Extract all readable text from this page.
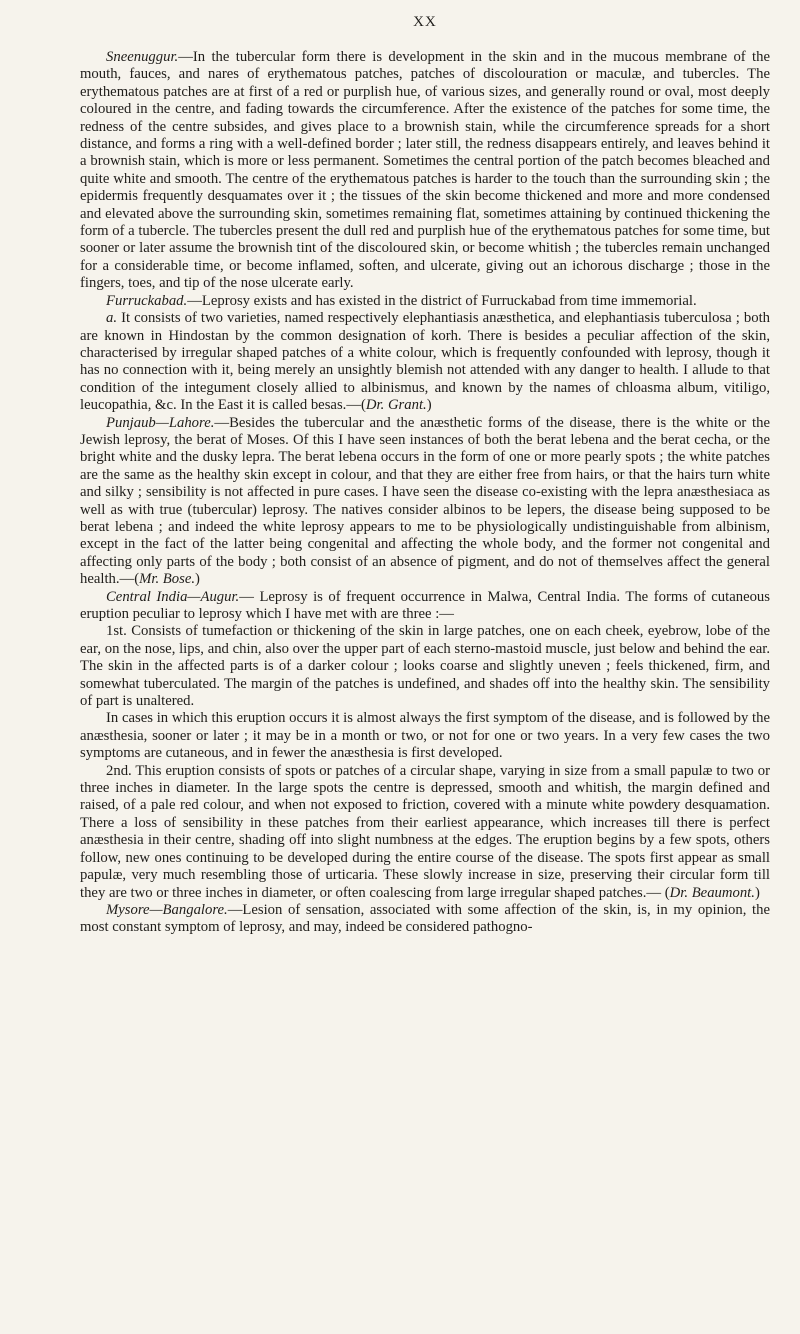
XX

Sneenuggur.—In the tubercular form there is development in the skin and in the mucous membrane of the mouth, fauces, and nares of erythematous patches, patches of discolouration or maculæ, and tubercles. The erythematous patches are at first of a red or purplish hue, of various sizes, and generally round or oval, most deeply coloured in the centre, and fading towards the circumference. After the existence of the patches for some time, the redness of the centre subsides, and gives place to a brownish stain, while the circumference spreads for a short distance, and forms a ring with a well-defined border ; later still, the redness disappears entirely, and leaves behind it a brownish stain, which is more or less permanent. Sometimes the central portion of the patch becomes bleached and quite white and smooth. The centre of the erythematous patches is harder to the touch than the surrounding skin ; the epidermis frequently desquamates over it ; the tissues of the skin become thickened and more and more condensed and elevated above the surrounding skin, sometimes remaining flat, sometimes attaining by continued thickening the form of a tubercle. The tubercles present the dull red and purplish hue of the erythematous patches for some time, but sooner or later assume the brownish tint of the discoloured skin, or become whitish ; the tubercles remain unchanged for a considerable time, or become inflamed, soften, and ulcerate, giving out an ichorous discharge ; those in the fingers, toes, and tip of the nose ulcerate early.

Furruckabad.—Leprosy exists and has existed in the district of Furruckabad from time immemorial.

a. It consists of two varieties, named respectively elephantiasis anæsthetica, and elephantiasis tuberculosa ; both are known in Hindostan by the common designation of korh. There is besides a peculiar affection of the skin, characterised by irregular shaped patches of a white colour, which is frequently confounded with leprosy, though it has no connection with it, being merely an unsightly blemish not attended with any danger to health. I allude to that condition of the integument closely allied to albinismus, and known by the names of chloasma album, vitiligo, leucopathia, &c. In the East it is called besas.—(Dr. Grant.)

Punjaub—Lahore.—Besides the tubercular and the anæsthetic forms of the disease, there is the white or the Jewish leprosy, the berat of Moses. Of this I have seen instances of both the berat lebena and the berat cecha, or the bright white and the dusky lepra. The berat lebena occurs in the form of one or more pearly spots ; the white patches are the same as the healthy skin except in colour, and that they are either free from hairs, or that the hairs turn white and silky ; sensibility is not affected in pure cases. I have seen the disease co-existing with the lepra anæsthesiaca as well as with true (tubercular) leprosy. The natives consider albinos to be lepers, the disease being supposed to be berat lebena ; and indeed the white leprosy appears to me to be physiologically undistinguishable from albinism, except in the fact of the latter being congenital and affecting the whole body, and the former not congenital and affecting only parts of the body ; both consist of an absence of pigment, and do not of themselves affect the general health.—(Mr. Bose.)

Central India—Augur.— Leprosy is of frequent occurrence in Malwa, Central India. The forms of cutaneous eruption peculiar to leprosy which I have met with are three :—

1st. Consists of tumefaction or thickening of the skin in large patches, one on each cheek, eyebrow, lobe of the ear, on the nose, lips, and chin, also over the upper part of each sterno-mastoid muscle, just below and behind the ear. The skin in the affected parts is of a darker colour ; looks coarse and slightly uneven ; feels thickened, firm, and somewhat tuberculated. The margin of the patches is undefined, and shades off into the healthy skin. The sensibility of part is unaltered.

In cases in which this eruption occurs it is almost always the first symptom of the disease, and is followed by the anæsthesia, sooner or later ; it may be in a month or two, or not for one or two years. In a very few cases the two symptoms are cutaneous, and in fewer the anæsthesia is first developed.

2nd. This eruption consists of spots or patches of a circular shape, varying in size from a small papulæ to two or three inches in diameter. In the large spots the centre is depressed, smooth and whitish, the margin defined and raised, of a pale red colour, and when not exposed to friction, covered with a minute white powdery desquamation. There a loss of sensibility in these patches from their earliest appearance, which increases till there is perfect anæsthesia in their centre, shading off into slight numbness at the edges. The eruption begins by a few spots, others follow, new ones continuing to be developed during the entire course of the disease. The spots first appear as small papulæ, very much resembling those of urticaria. These slowly increase in size, preserving their circular form till they are two or three inches in diameter, or often coalescing from large irregular shaped patches.— (Dr. Beaumont.)

Mysore—Bangalore.—Lesion of sensation, associated with some affection of the skin, is, in my opinion, the most constant symptom of leprosy, and may, indeed be considered pathogno-
